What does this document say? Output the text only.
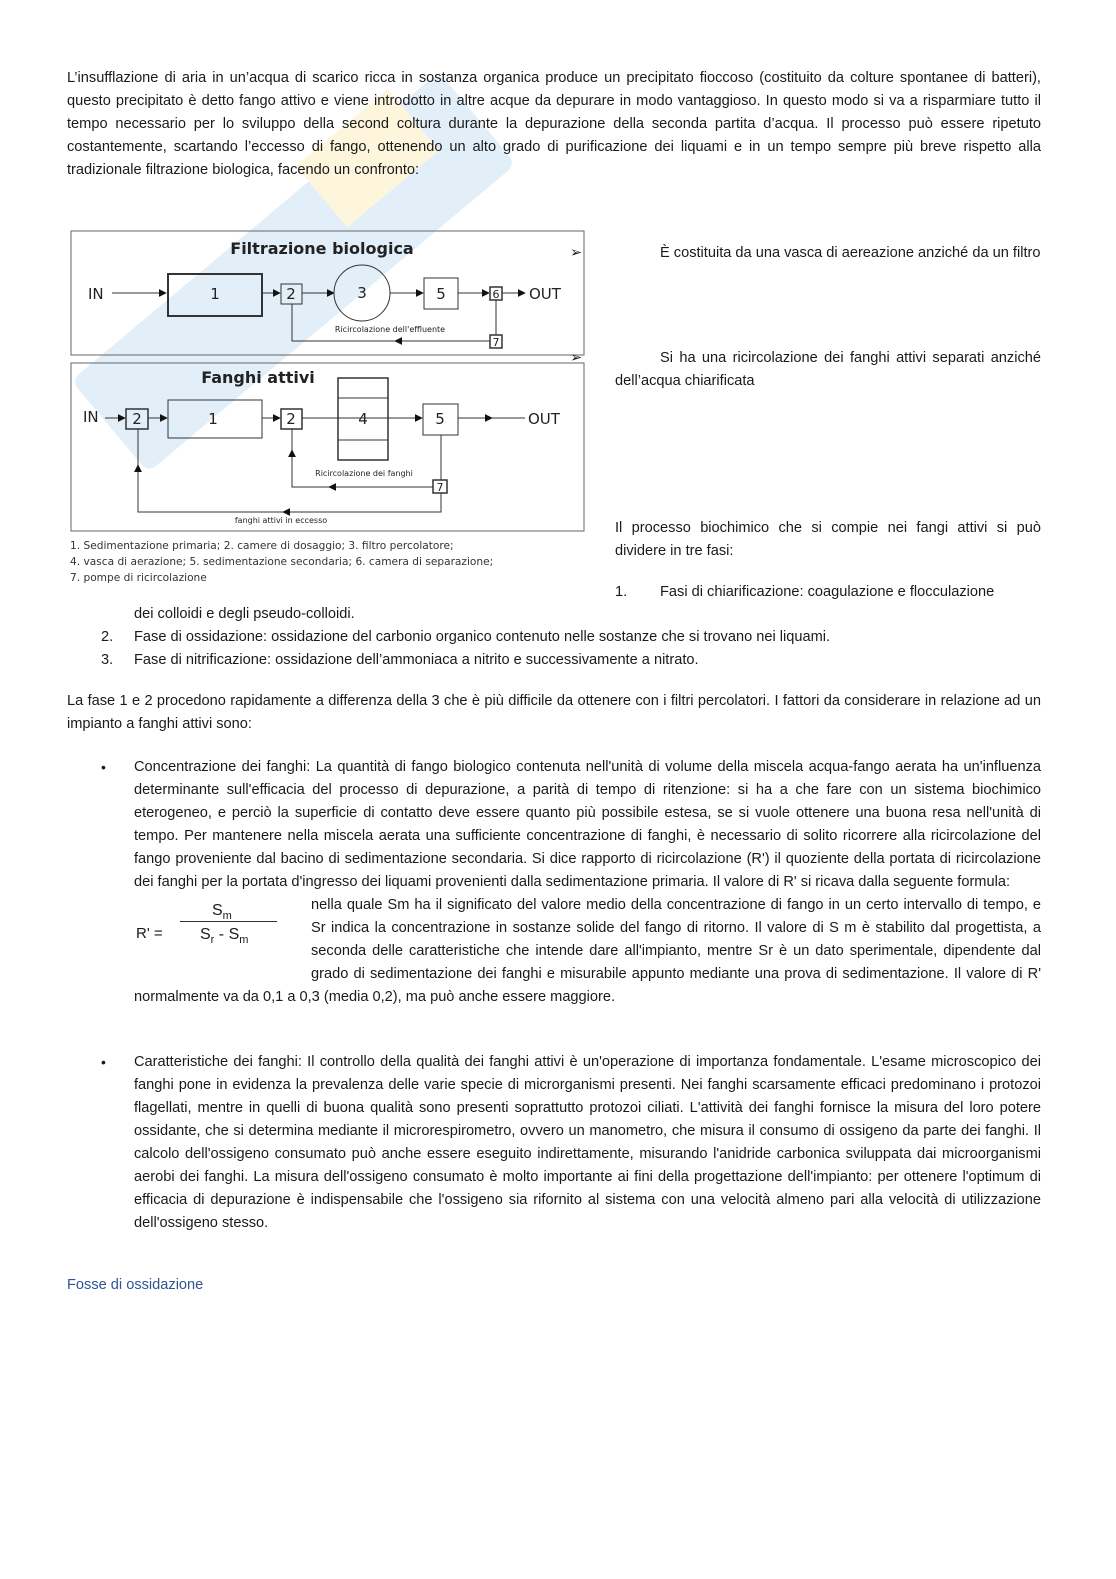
L’insufflazione di aria in un’acqua di scarico ricca in sostanza organica produce un precipitato fioccoso (costituito da colture spontanee di batteri), questo precipitato è detto fango attivo e viene introdotto in altre acque da depurare in modo vantaggioso. In questo modo si va a risparmiare tutto il tempo necessario per lo sviluppo della second coltura durante la depurazione della seconda partita d’acqua. Il processo può essere ripetuto costantemente, scartando l’eccesso di fango, ottenendo un alto grado di purificazione dei liquami e in un tempo sempre più breve rispetto alla tradizionale filtrazione biologica, facendo un confronto:
Filtrazione biologica
IN	1	2	3	5	6
7
OUT
Ricircolazione dell'effluente
Fanghi attivi
IN 2	1	2	4	5
7
OUT
Ricircolazione dei fanghi
fanghi attivi in eccesso
1. Sedimentazione primaria; 2. camere di dosaggio; 3. filtro percolatore;
4. vasca di aerazione; 5. sedimentazione secondaria; 6. camera di separazione;
7. pompe di ricircolazione
➢	È costituita da una vasca di aereazione anziché da un filtro
➢	Si ha una ricircolazione dei fanghi attivi separati anziché dell’acqua chiarificata
Il processo biochimico che si compie nei fangi attivi si può dividere in tre fasi:
1. Fasi di chiarificazione: coagulazione e flocculazione
dei colloidi e degli pseudo-colloidi.
2. Fase di ossidazione: ossidazione del carbonio organico contenuto nelle sostanze che si trovano nei liquami.
3. Fase di nitrificazione: ossidazione dell’ammoniaca a nitrito e successivamente a nitrato.
La fase 1 e 2 procedono rapidamente a differenza della 3 che è più difficile da ottenere con i filtri percolatori. I fattori da considerare in relazione ad un impianto a fanghi attivi sono:
• Concentrazione dei fanghi: La quantità di fango biologico contenuta nell'unità di volume della miscela acqua-fango aerata ha un'influenza determinante sull'efficacia del processo di depurazione, a parità di tempo di ritenzione: si ha a che fare con un sistema biochimico eterogeneo, e perciò la superficie di contatto deve essere quanto più possibile estesa, se si vuole ottenere una buona resa nell'unità di tempo. Per mantenere nella miscela aerata una sufficiente concentrazione di fanghi, è necessario di solito ricorrere alla ricircolazione del fango proveniente dal bacino di sedimentazione secondaria. Si dice rapporto di ricircolazione (R') il quoziente della portata di ricircolazione dei fanghi per la portata d'ingresso dei liquami provenienti dalla sedimentazione primaria. Il valore di R' si ricava dalla seguente formula:
R' =
$S_m$
$S_r - S_m$
nella quale Sm ha il significato del valore medio della concentrazione di fango in un certo intervallo di tempo, e Sr indica la concentrazione in sostanze solide del fango di ritorno. Il valore di S m è stabilito dal progettista, a seconda delle caratteristiche che intende dare all'impianto, mentre Sr è un dato sperimentale, dipendente dal grado di sedimentazione dei fanghi e misurabile appunto mediante una prova di sedimentazione. Il valore di R' normalmente va da 0,1 a 0,3 (media 0,2), ma può anche essere maggiore.
• Caratteristiche dei fanghi: Il controllo della qualità dei fanghi attivi è un'operazione di importanza fondamentale. L'esame microscopico dei fanghi pone in evidenza la prevalenza delle varie specie di microrganismi presenti. Nei fanghi scarsamente efficaci predominano i protozoi flagellati, mentre in quelli di buona qualità sono presenti soprattutto protozoi ciliati. L'attività dei fanghi fornisce la misura del loro potere ossidante, che si determina mediante il microrespirometro, ovvero un manometro, che misura il consumo di ossigeno da parte dei fanghi. Il calcolo dell'ossigeno consumato può anche essere eseguito indirettamente, misurando l'anidride carbonica sviluppata dai microorganismi aerobi dei fanghi. La misura dell'ossigeno consumato è molto importante ai fini della progettazione dell'impianto: per ottenere l'optimum di efficacia di depurazione è indispensabile che l'ossigeno sia rifornito al sistema con una velocità almeno pari alla velocità di utilizzazione dell'ossigeno stesso.
Fosse di ossidazione
